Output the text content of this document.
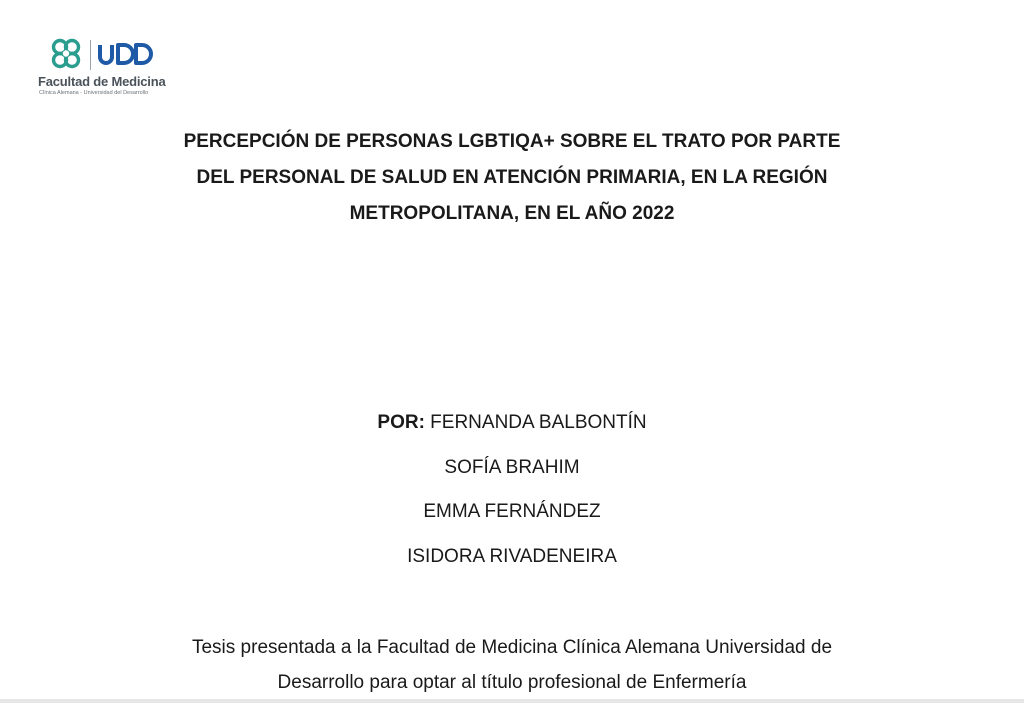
Facultad de Medicina
Clínica Alemana - Universidad del Desarrollo
PERCEPCIÓN DE PERSONAS LGBTIQA+ SOBRE EL TRATO POR PARTE
DEL PERSONAL DE SALUD EN ATENCIÓN PRIMARIA, EN LA REGIÓN
METROPOLITANA, EN EL AÑO 2022
POR: FERNANDA BALBONTÍN
SOFÍA BRAHIM
EMMA FERNÁNDEZ
ISIDORA RIVADENEIRA
Tesis presentada a la Facultad de Medicina Clínica Alemana Universidad de
Desarrollo para optar al título profesional de Enfermería
